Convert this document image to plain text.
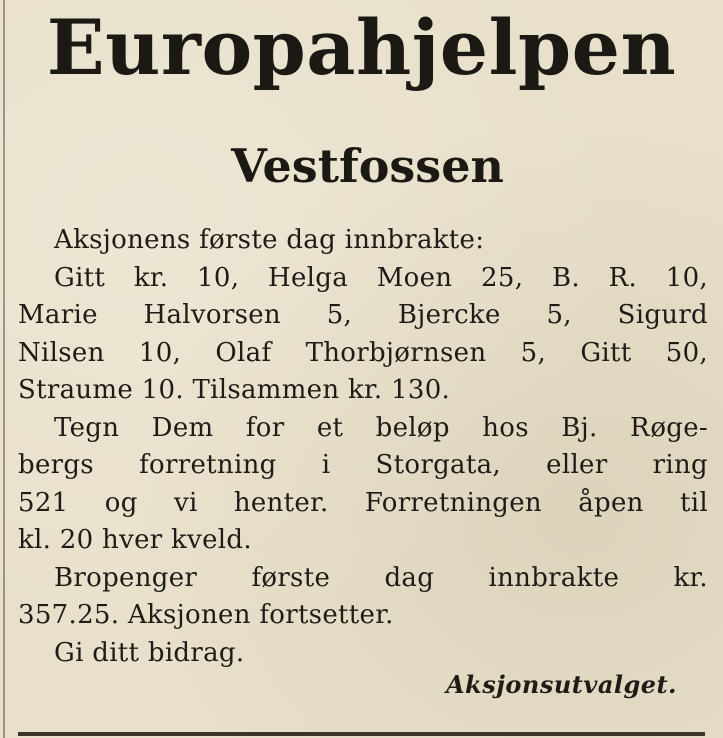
Europahjelpen
Vestfossen
Aksjonens første dag innbrakte:
Gitt kr. 10, Helga Moen 25, B. R. 10,
Marie Halvorsen 5, Bjercke 5, Sigurd
Nilsen 10, Olaf Thorbjørnsen 5, Gitt 50,
Straume 10. Tilsammen kr. 130.
Tegn Dem for et beløp hos Bj. Røge-
bergs forretning i Storgata, eller ring
521 og vi henter. Forretningen åpen til
kl. 20 hver kveld.
Bropenger første dag innbrakte kr.
357.25. Aksjonen fortsetter.
Gi ditt bidrag.
Aksjonsutvalget.
